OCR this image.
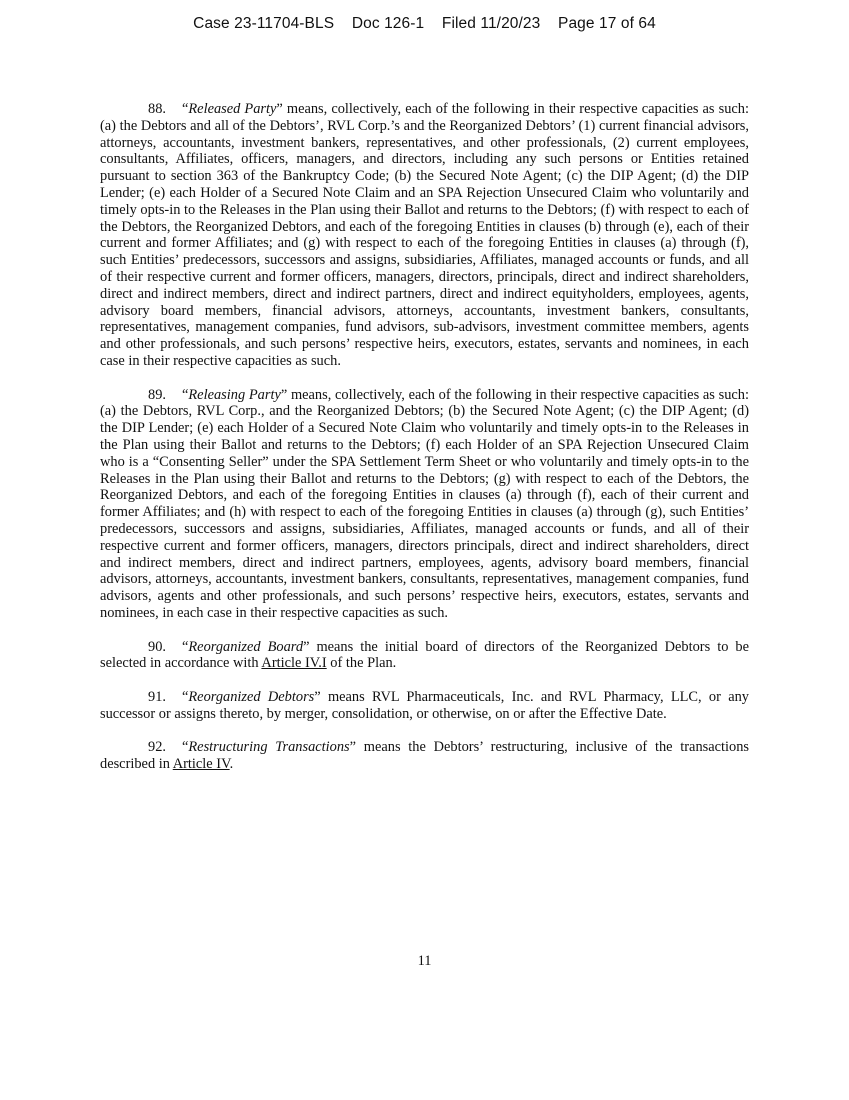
Case 23-11704-BLS Doc 126-1 Filed 11/20/23 Page 17 of 64

88. “Released Party” means, collectively, each of the following in their respective capacities as such: (a) the Debtors and all of the Debtors’, RVL Corp.’s and the Reorganized Debtors’ (1) current financial advisors, attorneys, accountants, investment bankers, representatives, and other professionals, (2) current employees, consultants, Affiliates, officers, managers, and directors, including any such persons or Entities retained pursuant to section 363 of the Bankruptcy Code; (b) the Secured Note Agent; (c) the DIP Agent; (d) the DIP Lender; (e) each Holder of a Secured Note Claim and an SPA Rejection Unsecured Claim who voluntarily and timely opts-in to the Releases in the Plan using their Ballot and returns to the Debtors; (f) with respect to each of the Debtors, the Reorganized Debtors, and each of the foregoing Entities in clauses (b) through (e), each of their current and former Affiliates; and (g) with respect to each of the foregoing Entities in clauses (a) through (f), such Entities’ predecessors, successors and assigns, subsidiaries, Affiliates, managed accounts or funds, and all of their respective current and former officers, managers, directors, principals, direct and indirect shareholders, direct and indirect members, direct and indirect partners, direct and indirect equityholders, employees, agents, advisory board members, financial advisors, attorneys, accountants, investment bankers, consultants, representatives, management companies, fund advisors, sub-advisors, investment committee members, agents and other professionals, and such persons’ respective heirs, executors, estates, servants and nominees, in each case in their respective capacities as such.

89. “Releasing Party” means, collectively, each of the following in their respective capacities as such: (a) the Debtors, RVL Corp., and the Reorganized Debtors; (b) the Secured Note Agent; (c) the DIP Agent; (d) the DIP Lender; (e) each Holder of a Secured Note Claim who voluntarily and timely opts-in to the Releases in the Plan using their Ballot and returns to the Debtors; (f) each Holder of an SPA Rejection Unsecured Claim who is a “Consenting Seller” under the SPA Settlement Term Sheet or who voluntarily and timely opts-in to the Releases in the Plan using their Ballot and returns to the Debtors; (g) with respect to each of the Debtors, the Reorganized Debtors, and each of the foregoing Entities in clauses (a) through (f), each of their current and former Affiliates; and (h) with respect to each of the foregoing Entities in clauses (a) through (g), such Entities’ predecessors, successors and assigns, subsidiaries, Affiliates, managed accounts or funds, and all of their respective current and former officers, managers, directors principals, direct and indirect shareholders, direct and indirect members, direct and indirect partners, employees, agents, advisory board members, financial advisors, attorneys, accountants, investment bankers, consultants, representatives, management companies, fund advisors, agents and other professionals, and such persons’ respective heirs, executors, estates, servants and nominees, in each case in their respective capacities as such.

90. “Reorganized Board” means the initial board of directors of the Reorganized Debtors to be selected in accordance with Article IV.I of the Plan.

91. “Reorganized Debtors” means RVL Pharmaceuticals, Inc. and RVL Pharmacy, LLC, or any successor or assigns thereto, by merger, consolidation, or otherwise, on or after the Effective Date.

92. “Restructuring Transactions” means the Debtors’ restructuring, inclusive of the transactions described in Article IV.

11
